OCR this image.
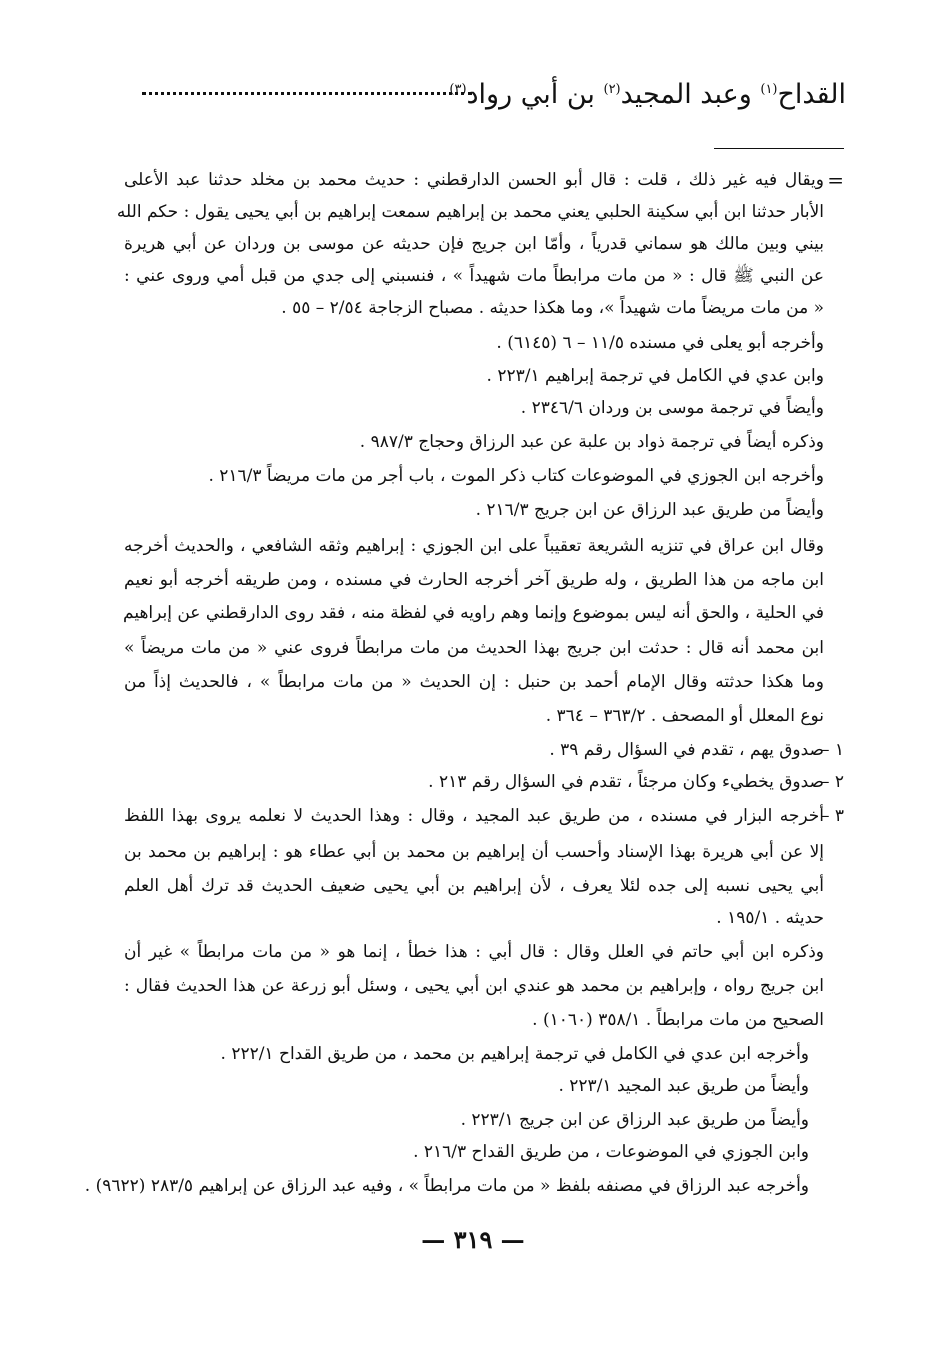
القداح$^{(١)}$ وعبد المجيد$^{(٢)}$ بن أبي رواد$^{(٣)}$
=
ويقال فيه غير ذلك ، قلت : قال أبو الحسن الدارقطني : حديث محمد بن مخلد حدثنا عبد الأعلى
الأبار حدثنا ابن أبي سكينة الحلبي يعني محمد بن إبراهيم سمعت إبراهيم بن أبي يحيى يقول : حكم الله
بيني وبين مالك هو سماني قدرياً ، وأمّا ابن جريج فإن حديثه عن موسى بن وردان عن أبي هريرة
عن النبي ﷺ قال : « من مات مرابطاً مات شهيداً » ، فنسبني إلى جدي من قبل أمي وروى عني :
« من مات مريضاً مات شهيداً »، وما هكذا حديثه . مصباح الزجاجة ٢/٥٤ – ٥٥ .
وأخرجه أبو يعلى في مسنده ١١/٥ – ٦ (٦١٤٥) .
وابن عدي في الكامل في ترجمة إبراهيم ٢٢٣/١ .
وأيضاً في ترجمة موسى بن وردان ٢٣٤٦/٦ .
وذكره أيضاً في ترجمة ذواد بن علبة عن عبد الرزاق وحجاج ٩٨٧/٣ .
وأخرجه ابن الجوزي في الموضوعات كتاب ذكر الموت ، باب أجر من مات مريضاً ٢١٦/٣ .
وأيضاً من طريق عبد الرزاق عن ابن جريج ٢١٦/٣ .
وقال ابن عراق في تنزيه الشريعة تعقيباً على ابن الجوزي : إبراهيم وثقه الشافعي ، والحديث أخرجه
ابن ماجه من هذا الطريق ، وله طريق آخر أخرجه الحارث في مسنده ، ومن طريقه أخرجه أبو نعيم
في الحلية ، والحق أنه ليس بموضوع وإنما وهم راويه في لفظة منه ، فقد روى الدارقطني عن إبراهيم
ابن محمد أنه قال : حدثت ابن جريج بهذا الحديث من مات مرابطاً فروى عني « من مات مريضاً »
وما هكذا حدثته وقال الإمام أحمد بن حنبل : إن الحديث « من مات مرابطاً » ، فالحديث إذاً من
نوع المعلل أو المصحف . ٣٦٣/٢ – ٣٦٤ .
١ –
صدوق يهم ، تقدم في السؤال رقم ٣٩ .
٢ –
صدوق يخطيء وكان مرجئاً ، تقدم في السؤال رقم ٢١٣ .
٣ –
أخرجه البزار في مسنده ، من طريق عبد المجيد ، وقال : وهذا الحديث لا نعلمه يروى بهذا اللفظ
إلا عن أبي هريرة بهذا الإسناد وأحسب أن إبراهيم بن محمد بن أبي عطاء هو : إبراهيم بن محمد بن
أبي يحيى نسبه إلى جده لئلا يعرف ، لأن إبراهيم بن أبي يحيى ضعيف الحديث قد ترك أهل العلم
حديثه . ١٩٥/١ .
وذكره ابن أبي حاتم في العلل وقال : قال أبي : هذا خطأ ، إنما هو « من مات مرابطاً » غير أن
ابن جريج رواه ، وإبراهيم بن محمد هو عندي ابن أبي يحيى ، وسئل أبو زرعة عن هذا الحديث فقال :
الصحيح من مات مرابطاً . ٣٥٨/١ (١٠٦٠) .
وأخرجه ابن عدي في الكامل في ترجمة إبراهيم بن محمد ، من طريق القداح ٢٢٢/١ .
وأيضاً من طريق عبد المجيد ٢٢٣/١ .
وأيضاً من طريق عبد الرزاق عن ابن جريج ٢٢٣/١ .
وابن الجوزي في الموضوعات ، من طريق القداح ٢١٦/٣ .
وأخرجه عبد الرزاق في مصنفه بلفظ « من مات مرابطاً » ، وفيه عبد الرزاق عن إبراهيم ٢٨٣/٥ (٩٦٢٢) .
— ٣١٩ —
